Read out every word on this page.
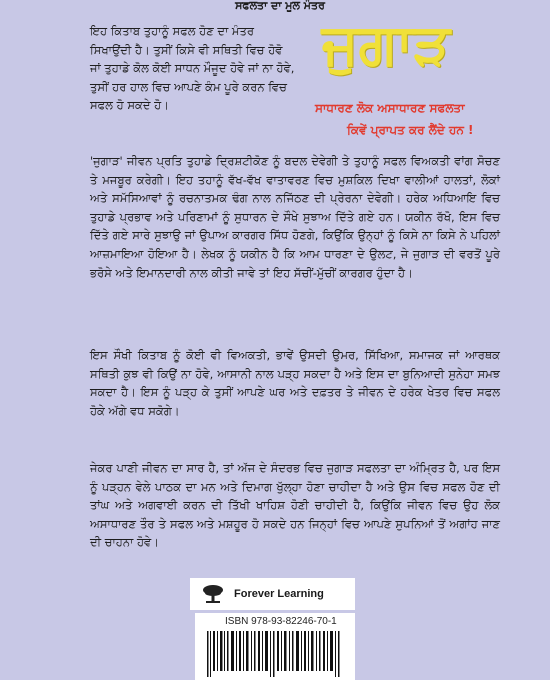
ਸਫਲਤਾ ਦਾ ਮੂਲ ਮੰਤਰ
ਇਹ ਕਿਤਾਬ ਤੁਹਾਨੂੰ ਸਫਲ ਹੋਣ ਦਾ ਮੰਤਰ ਸਿਖਾਉਂਦੀ ਹੈ। ਤੁਸੀਂ ਕਿਸੇ ਵੀ ਸਥਿਤੀ ਵਿਚ ਹੋਵੋ ਜਾਂ ਤੁਹਾਡੇ ਕੋਲ ਕੋਈ ਸਾਧਨ ਮੌਜੂਦ ਹੋਵੇ ਜਾਂ ਨਾ ਹੋਵੇ, ਤੁਸੀਂ ਹਰ ਹਾਲ ਵਿਚ ਆਪਣੇ ਕੰਮ ਪੂਰੇ ਕਰਨ ਵਿਚ ਸਫਲ ਹੋ ਸਕਦੇ ਹੋ।
ਜੁਗਾੜ
ਸਾਧਾਰਣ ਲੋਕ ਅਸਾਧਾਰਣ ਸਫਲਤਾ
ਕਿਵੇਂ ਪ੍ਰਾਪਤ ਕਰ ਲੈਂਦੇ ਹਨ !
'ਜੁਗਾੜ' ਜੀਵਨ ਪ੍ਰਤਿ ਤੁਹਾਡੇ ਦ੍ਰਿਸ਼ਟੀਕੋਣ ਨੂੰ ਬਦਲ ਦੇਵੇਗੀ ਤੇ ਤੁਹਾਨੂੰ ਸਫਲ ਵਿਅਕਤੀ ਵਾਂਗ ਸੋਚਣ ਤੇ ਮਜਬੂਰ ਕਰੇਗੀ। ਇਹ ਤਹਾਨੂੰ ਵੱਖ-ਵੱਖ ਵਾਤਾਵਰਣ ਵਿਚ ਮੁਸ਼ਕਿਲ ਦਿਖਾ ਵਾਲੀਆਂ ਹਾਲਤਾਂ, ਲੋਕਾਂ ਅਤੇ ਸਮੱਸਿਆਵਾਂ ਨੂੰ ਰਚਨਾਤਮਕ ਢੰਗ ਨਾਲ ਨਜਿੱਠਣ ਦੀ ਪ੍ਰੇਰਨਾ ਦੇਵੇਗੀ। ਹਰੇਕ ਅਧਿਆਇ ਵਿਚ ਤੁਹਾਡੇ ਪ੍ਰਭਾਵ ਅਤੇ ਪਰਿਣਾਮਾਂ ਨੂੰ ਸੁਧਾਰਨ ਦੇ ਸੌਖੇ ਸੁਝਾਅ ਦਿੱਤੇ ਗਏ ਹਨ। ਯਕੀਨ ਰੱਖੋ, ਇਸ ਵਿਚ ਦਿੱਤੇ ਗਏ ਸਾਰੇ ਸੁਝਾਉ ਜਾਂ ਉਪਾਅ ਕਾਰਗਰ ਸਿੱਧ ਹੋਣਗੇ, ਕਿਉਂਕਿ ਉਨ੍ਹਾਂ ਨੂੰ ਕਿਸੇ ਨਾ ਕਿਸੇ ਨੇ ਪਹਿਲਾਂ ਆਜ਼ਮਾਇਆ ਹੋਇਆ ਹੈ। ਲੇਖਕ ਨੂੰ ਯਕੀਨ ਹੈ ਕਿ ਆਮ ਧਾਰਣਾ ਦੇ ਉਲਟ, ਜੇ ਜੁਗਾੜ ਦੀ ਵਰਤੋਂ ਪੂਰੇ ਭਰੋਸੇ ਅਤੇ ਇਮਾਨਦਾਰੀ ਨਾਲ ਕੀਤੀ ਜਾਵੇ ਤਾਂ ਇਹ ਸੱਚੀਂ-ਮੁੱਚੀਂ ਕਾਰਗਰ ਹੁੰਦਾ ਹੈ।
ਇਸ ਸੌਖੀ ਕਿਤਾਬ ਨੂੰ ਕੋਈ ਵੀ ਵਿਅਕਤੀ, ਭਾਵੇਂ ਉਸਦੀ ਉਮਰ, ਸਿੱਖਿਆ, ਸਮਾਜਕ ਜਾਂ ਆਰਥਕ ਸਥਿਤੀ ਕੁਝ ਵੀ ਕਿਉਂ ਨਾ ਹੋਵੇ, ਆਸਾਨੀ ਨਾਲ ਪੜ੍ਹ ਸਕਦਾ ਹੈ ਅਤੇ ਇਸ ਦਾ ਬੁਨਿਆਦੀ ਸੁਨੇਹਾ ਸਮਝ ਸਕਦਾ ਹੈ। ਇਸ ਨੂੰ ਪੜ੍ਹ ਕੇ ਤੁਸੀਂ ਆਪਣੇ ਘਰ ਅਤੇ ਦਫ਼ਤਰ ਤੇ ਜੀਵਨ ਦੇ ਹਰੇਕ ਖੇਤਰ ਵਿਚ ਸਫਲ ਹੋਕੇ ਅੱਗੇ ਵਧ ਸਕੋਗੇ।
ਜੇਕਰ ਪਾਣੀ ਜੀਵਨ ਦਾ ਸਾਰ ਹੈ, ਤਾਂ ਅੱਜ ਦੇ ਸੰਦਰਭ ਵਿਚ ਜੁਗਾੜ ਸਫਲਤਾ ਦਾ ਅੰਮ੍ਰਿਤ ਹੈ, ਪਰ ਇਸ ਨੂੰ ਪੜ੍ਹਨ ਵੇਲੇ ਪਾਠਕ ਦਾ ਮਨ ਅਤੇ ਦਿਮਾਗ ਖੁੱਲ੍ਹਾ ਹੋਣਾ ਚਾਹੀਦਾ ਹੈ ਅਤੇ ਉਸ ਵਿਚ ਸਫਲ ਹੋਣ ਦੀ ਤਾਂਘ ਅਤੇ ਅਗਵਾਈ ਕਰਨ ਦੀ ਤਿੱਖੀ ਖਾਹਿਸ਼ ਹੋਣੀ ਚਾਹੀਦੀ ਹੈ, ਕਿਉਂਕਿ ਜੀਵਨ ਵਿਚ ਉਹ ਲੋਕ ਅਸਾਧਾਰਣ ਤੌਰ ਤੇ ਸਫਲ ਅਤੇ ਮਸ਼ਹੂਰ ਹੋ ਸਕਦੇ ਹਨ ਜਿਨ੍ਹਾਂ ਵਿਚ ਆਪਣੇ ਸੁਪਨਿਆਂ ਤੋਂ ਅਗਾਂਹ ਜਾਣ ਦੀ ਚਾਹਨਾ ਹੋਵੇ।
Forever Learning
ISBN 978-93-82246-70-1
